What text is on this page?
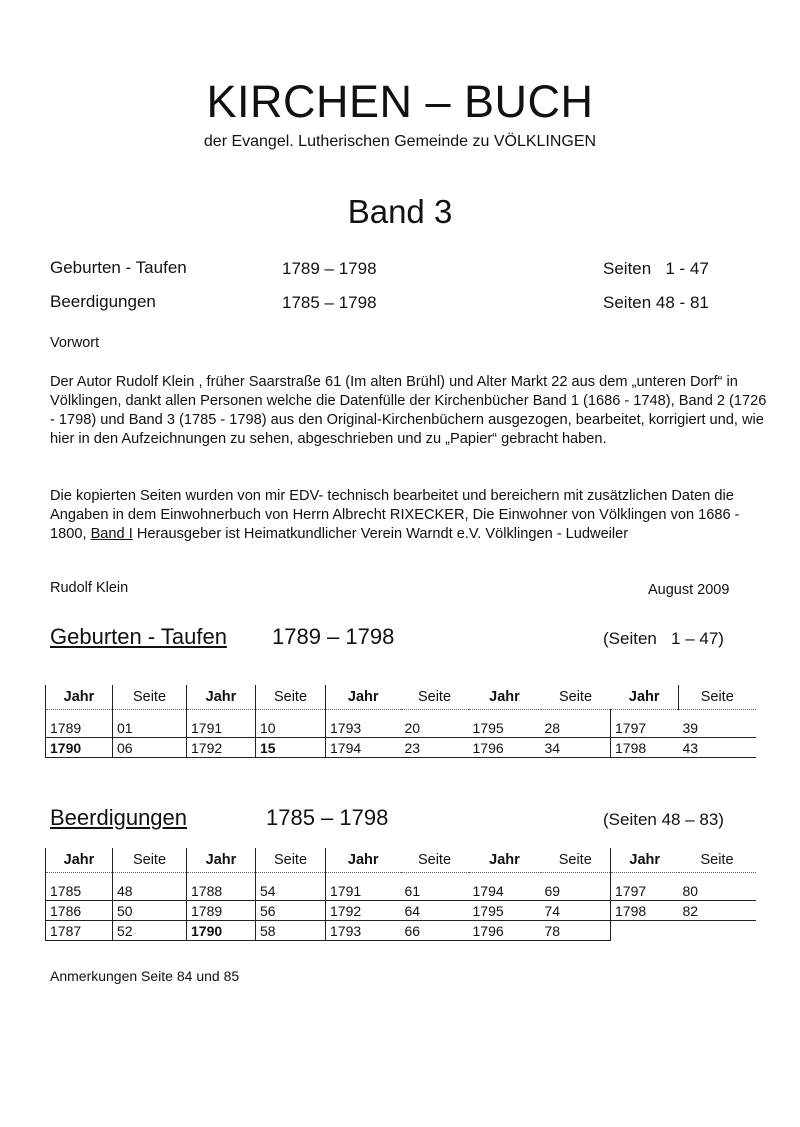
KIRCHEN – BUCH
der Evangel. Lutherischen Gemeinde zu VÖLKLINGEN
Band 3
Geburten - Taufen	1789 – 1798	Seiten   1 - 47
Beerdigungen	1785 – 1798	Seiten 48 - 81
Vorwort
Der Autor Rudolf Klein , früher Saarstraße 61 (Im alten Brühl) und Alter Markt 22 aus dem „unteren Dorf“ in Völklingen, dankt allen Personen welche die Datenfülle der Kirchenbücher Band 1 (1686 - 1748), Band 2 (1726 - 1798) und Band 3 (1785 - 1798) aus den Original-Kirchenbüchern ausgezogen, bearbeitet, korrigiert und, wie hier in den Aufzeichnungen zu sehen, abgeschrieben und zu „Papier“ gebracht haben.
Die kopierten Seiten wurden von mir EDV- technisch bearbeitet und bereichern mit zusätzlichen Daten die Angaben in dem Einwohnerbuch von Herrn Albrecht RIXECKER, Die Einwohner von Völklingen von 1686 - 1800, Band I Herausgeber ist Heimatkundlicher Verein Warndt e.V. Völklingen - Ludweiler
Rudolf Klein	August 2009
Geburten - Taufen 1789 – 1798	(Seiten   1 – 47)
Jahr	Seite	Jahr	Seite	Jahr	Seite	Jahr	Seite	Jahr	Seite

1789	01	1791	10	1793	20	1795	28	1797	39
1790	06	1792	15	1794	23	1796	34	1798	43
Beerdigungen	1785 – 1798	(Seiten 48 – 83)
Jahr	Seite	Jahr	Seite	Jahr	Seite	Jahr	Seite	Jahr	Seite

1785	48	1788	54	1791	61	1794	69	1797	80
1786	50	1789	56	1792	64	1795	74	1798	82
1787	52	1790	58	1793	66	1796	78		
Anmerkungen Seite 84 und 85
